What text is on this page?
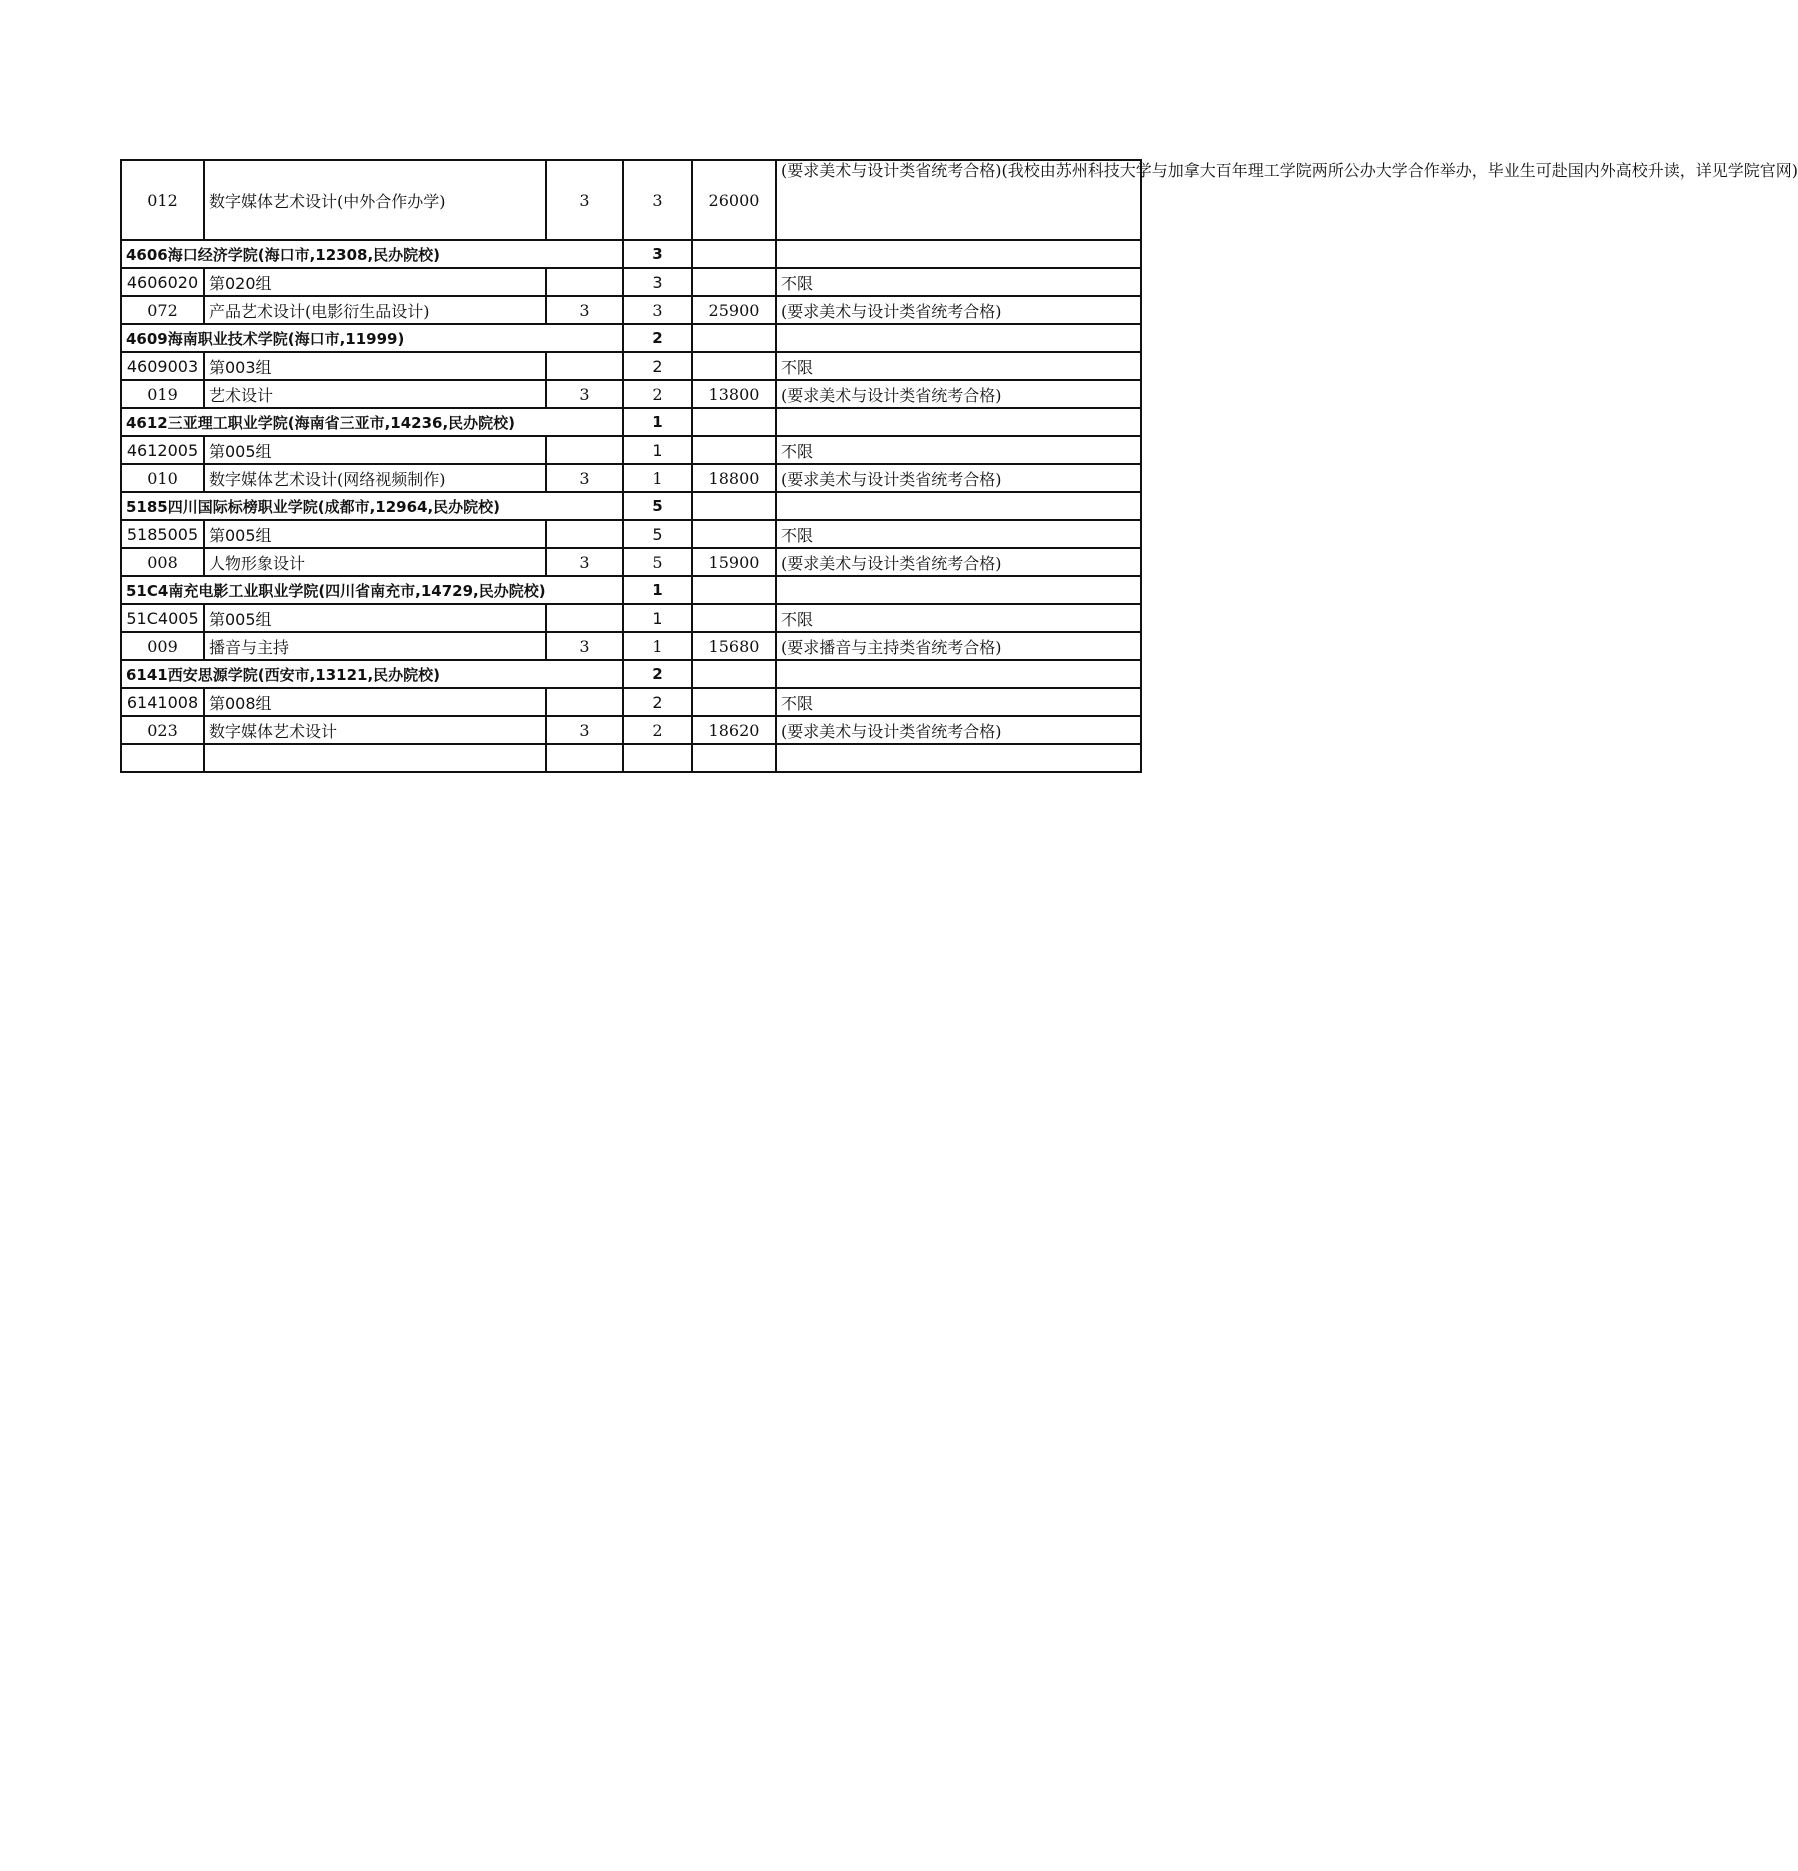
012	数字媒体艺术设计(中外合作办学)	3	3	26000	(要求美术与设计类省统考合格)(我校由苏州科技大学与加拿大百年理工学院两所公办大学合作举办，毕业生可赴国内外高校升读，详见学院官网)

4606海口经济学院(海口市,12308,民办院校)			3		
4606020	第020组		3		不限
072	产品艺术设计(电影衍生品设计)	3	3	25900	(要求美术与设计类省统考合格)
4609海南职业技术学院(海口市,11999)			2		
4609003	第003组		2		不限
019	艺术设计	3	2	13800	(要求美术与设计类省统考合格)
4612三亚理工职业学院(海南省三亚市,14236,民办院校)			1		
4612005	第005组		1		不限
010	数字媒体艺术设计(网络视频制作)	3	1	18800	(要求美术与设计类省统考合格)
5185四川国际标榜职业学院(成都市,12964,民办院校)			5		
5185005	第005组		5		不限
008	人物形象设计	3	5	15900	(要求美术与设计类省统考合格)
51C4南充电影工业职业学院(四川省南充市,14729,民办院校)			1		
51C4005	第005组		1		不限
009	播音与主持	3	1	15680	(要求播音与主持类省统考合格)
6141西安思源学院(西安市,13121,民办院校)			2		
6141008	第008组		2		不限
023	数字媒体艺术设计	3	2	18620	(要求美术与设计类省统考合格)
